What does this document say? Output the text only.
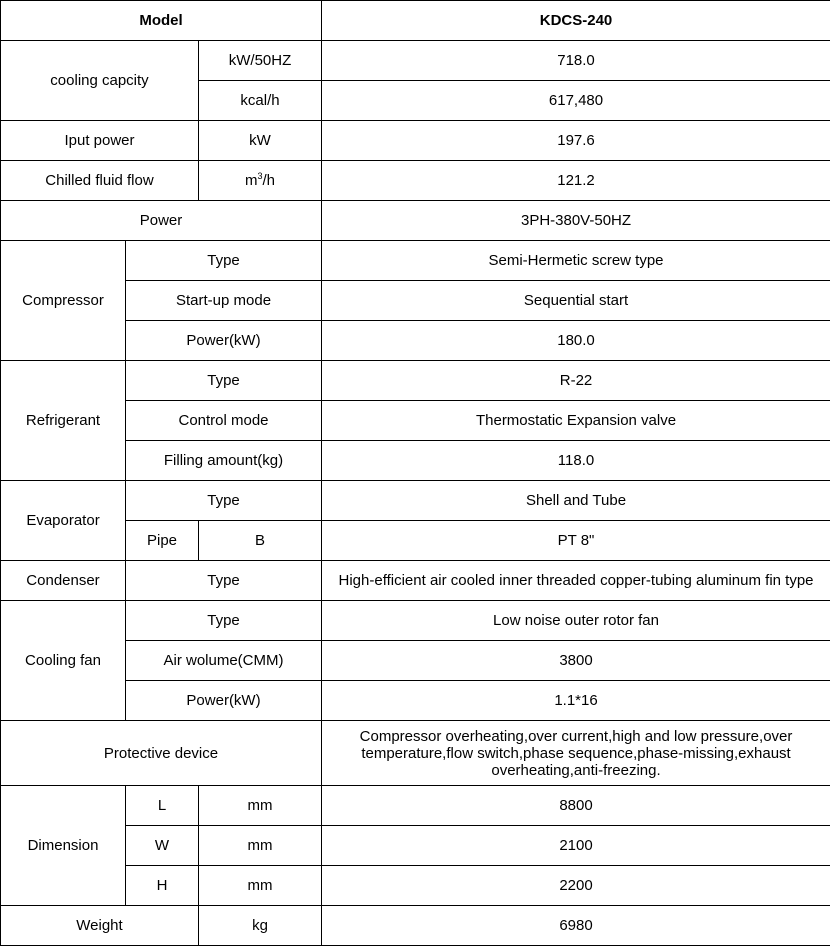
Model			KDCS-240
cooling capcity		kW/50HZ	718.0
		kcal/h	617,480
Iput power		kW	197.6
Chilled fluid flow		$m^3/h$	121.2
Power			3PH-380V-50HZ
Compressor	Type		Semi-Hermetic screw type
	Start-up mode		Sequential start
	Power(kW)		180.0
Refrigerant	Type		R-22
	Control mode		Thermostatic Expansion valve
	Filling amount(kg)		118.0
Evaporator	Type		Shell and Tube
	Pipe	B	PT 8"
Condenser	Type		High-efficient air cooled inner threaded copper-tubing aluminum fin type
Cooling fan	Type		Low noise outer rotor fan
	Air wolume(CMM)		3800
	Power(kW)		1.1*16
Protective device			Compressor overheating,over current,high and low pressure,over temperature,flow switch,phase sequence,phase-missing,exhaust overheating,anti-freezing.
Dimension	L	mm	8800
	W	mm	2100
	H	mm	2200
Weight		kg	6980
